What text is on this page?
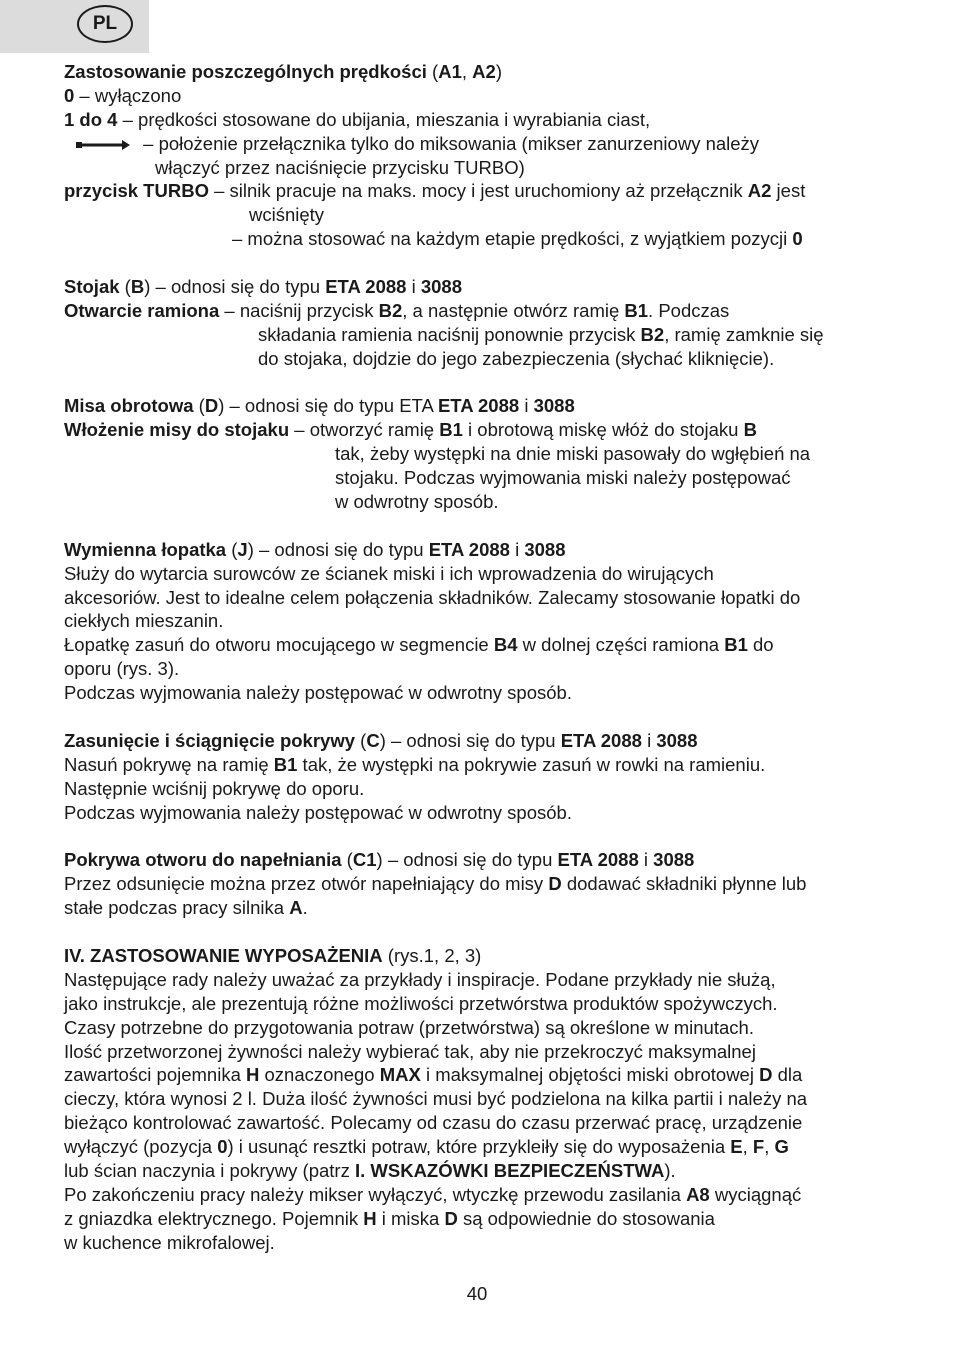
PL
Zastosowanie poszczególnych prędkości (A1, A2)
0 – wyłączono
1 do 4 – prędkości stosowane do ubijania, mieszania i wyrabiania ciast,
– położenie przełącznika tylko do miksowania (mikser zanurzeniowy należy
włączyć przez naciśnięcie przycisku TURBO)
przycisk TURBO – silnik pracuje na maks. mocy i jest uruchomiony aż przełącznik A2 jest
wciśnięty
– można stosować na każdym etapie prędkości, z wyjątkiem pozycji 0
Stojak (B) – odnosi się do typu ETA 2088 i 3088
Otwarcie ramiona – naciśnij przycisk B2, a następnie otwórz ramię B1. Podczas
składania ramienia naciśnij ponownie przycisk B2, ramię zamknie się
do stojaka, dojdzie do jego zabezpieczenia (słychać kliknięcie).
Misa obrotowa (D) – odnosi się do typu ETA ETA 2088 i 3088
Włożenie misy do stojaku – otworzyć ramię B1 i obrotową miskę włóż do stojaku B
tak, żeby występki na dnie miski pasowały do wgłębień na
stojaku. Podczas wyjmowania miski należy postępować
w odwrotny sposób.
Wymienna łopatka (J) – odnosi się do typu ETA 2088 i 3088
Służy do wytarcia surowców ze ścianek miski i ich wprowadzenia do wirujących
akcesoriów. Jest to idealne celem połączenia składników. Zalecamy stosowanie łopatki do
ciekłych mieszanin.
Łopatkę zasuń do otworu mocującego w segmencie B4 w dolnej części ramiona B1 do
oporu (rys. 3).
Podczas wyjmowania należy postępować w odwrotny sposób.
Zasunięcie i ściągnięcie pokrywy (C) – odnosi się do typu ETA 2088 i 3088
Nasuń pokrywę na ramię B1 tak, że występki na pokrywie zasuń w rowki na ramieniu.
Następnie wciśnij pokrywę do oporu.
Podczas wyjmowania należy postępować w odwrotny sposób.
Pokrywa otworu do napełniania (C1) – odnosi się do typu ETA 2088 i 3088
Przez odsunięcie można przez otwór napełniający do misy D dodawać składniki płynne lub
stałe podczas pracy silnika A.
IV. ZASTOSOWANIE WYPOSAŻENIA (rys.1, 2, 3)
Następujące rady należy uważać za przykłady i inspiracje. Podane przykłady nie służą,
jako instrukcje, ale prezentują różne możliwości przetwórstwa produktów spożywczych.
Czasy potrzebne do przygotowania potraw (przetwórstwa) są określone w minutach.
Ilość przetworzonej żywności należy wybierać tak, aby nie przekroczyć maksymalnej
zawartości pojemnika H oznaczonego MAX i maksymalnej objętości miski obrotowej D dla
cieczy, która wynosi 2 l. Duża ilość żywności musi być podzielona na kilka partii i należy na
bieżąco kontrolować zawartość. Polecamy od czasu do czasu przerwać pracę, urządzenie
wyłączyć (pozycja 0) i usunąć resztki potraw, które przykleiły się do wyposażenia E, F, G
lub ścian naczynia i pokrywy (patrz I. WSKAZÓWKI BEZPIECZEŃSTWA).
Po zakończeniu pracy należy mikser wyłączyć, wtyczkę przewodu zasilania A8 wyciągnąć
z gniazdka elektrycznego. Pojemnik H i miska D są odpowiednie do stosowania
w kuchence mikrofalowej.
40
